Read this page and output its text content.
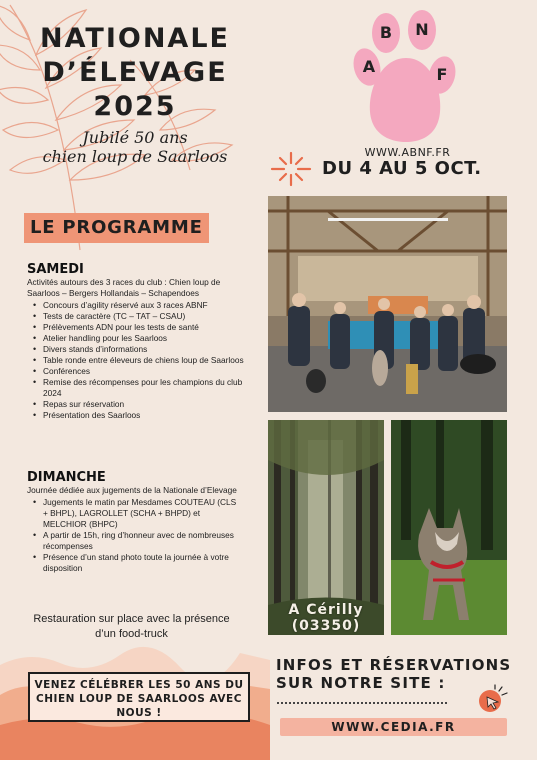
NATIONALE
D’ÉLEVAGE
2025
Jubilé 50 ans
chien loup de Saarloos
B N
A	F
WWW.ABNF.FR
DU 4 AU 5 OCT.
LE PROGRAMME
SAMEDI
Activités autours des 3 races du club : Chien loup de Saarloos – Bergers Hollandais – Schapendoes
• Concours d’agility réservé aux 3 races ABNF
• Tests de caractère (TC – TAT – CSAU)
• Prélèvements ADN pour les tests de santé
• Atelier handling pour les Saarloos
• Divers stands d’informations
• Table ronde entre éleveurs de chiens loup de Saarloos
• Conférences
• Remise des récompenses pour les champions du club 2024
• Repas sur réservation
• Présentation des Saarloos
DIMANCHE
Journée dédiée aux jugements de la Nationale d’Elevage
• Jugements le matin par Mesdames COUTEAU (CLS + BHPL), LAGROLLET (SCHA + BHPD) et MELCHIOR (BHPC)
• A partir de 15h, ring d’honneur avec de nombreuses récompenses
• Présence d’un stand photo toute la journée à votre disposition
Restauration sur place avec la présence d’un food-truck
VENEZ CÉLÉBRER LES 50 ANS DU CHIEN LOUP DE SAARLOOS AVEC NOUS !
A Cérilly
(03350)
INFOS ET RÉSERVATIONS SUR NOTRE SITE :
WWW.CEDIA.FR
